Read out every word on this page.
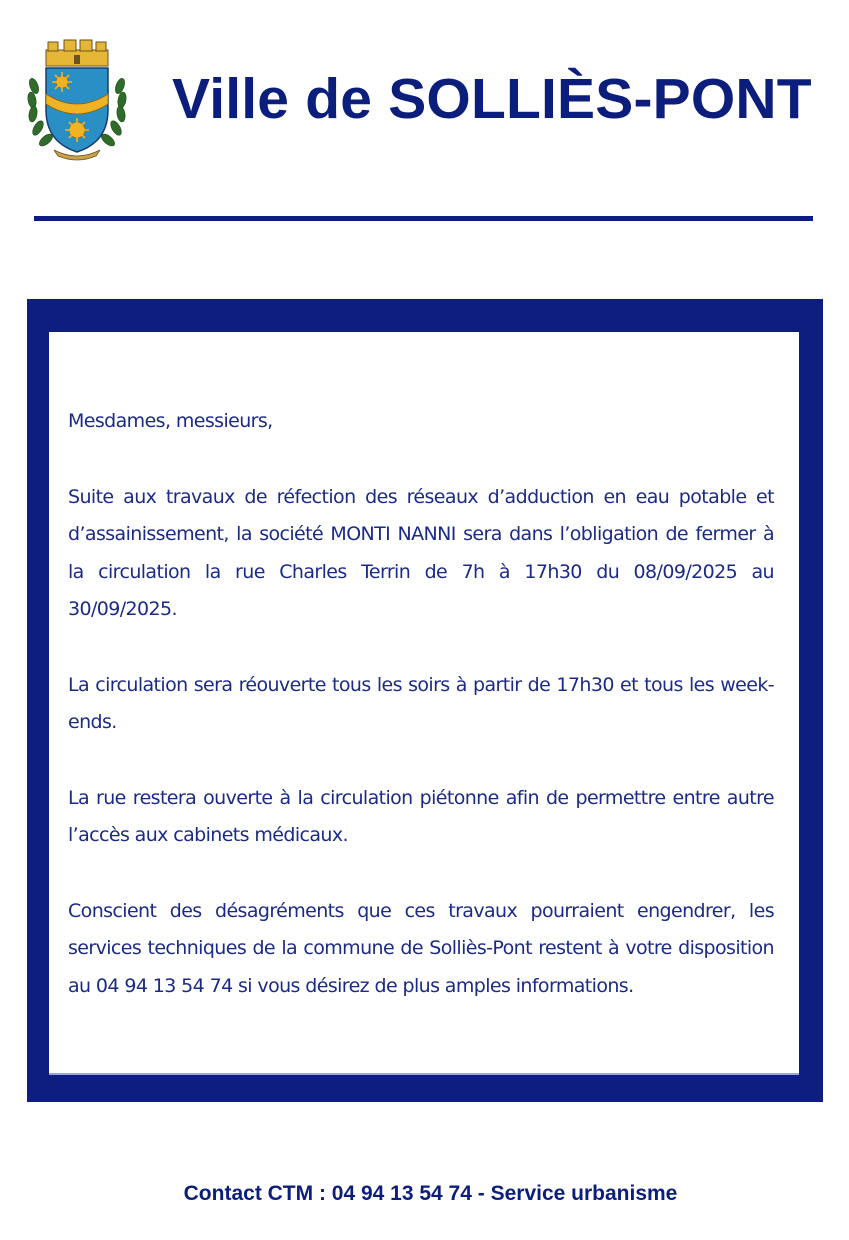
Ville de SOLLIÈS-PONT

Mesdames, messieurs,

Suite aux travaux de réfection des réseaux d’adduction en eau potable et d’assainissement, la société MONTI NANNI sera dans l’obligation de fermer à la circulation la rue Charles Terrin de 7h à 17h30 du 08/09/2025 au 30/09/2025.

La circulation sera réouverte tous les soirs à partir de 17h30 et tous les week-ends.

La rue restera ouverte à la circulation piétonne afin de permettre entre autre l’accès aux cabinets médicaux.

Conscient des désagréments que ces travaux pourraient engendrer, les services techniques de la commune de Solliès-Pont restent à votre disposition au 04 94 13 54 74 si vous désirez de plus amples informations.

Contact CTM : 04 94 13 54 74 - Service urbanisme
